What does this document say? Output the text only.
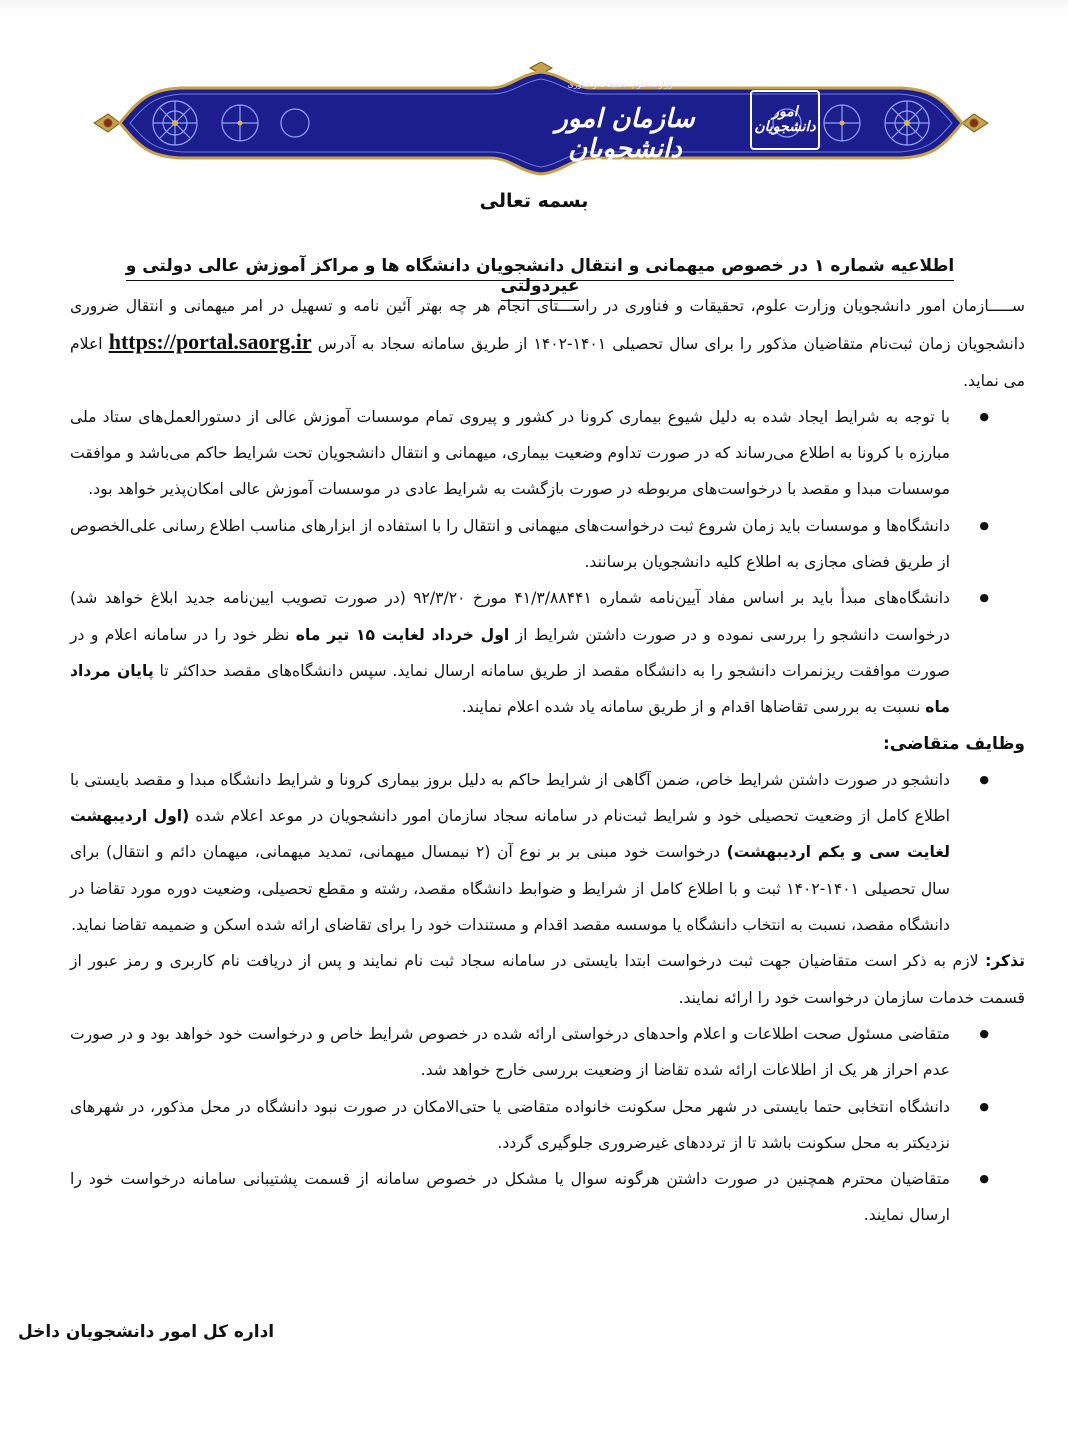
وزارت علوم، تحقیقات و فناوری
سازمان امور دانشجویان
امور دانشجویان
بسمه تعالی
اطلاعیه شماره ۱ در خصوص میهمانی و انتقال دانشجویان دانشگاه ها و مراکز آموزش عالی دولتی و غیردولتی

ســـــازمان امور دانشجویان وزارت علوم، تحقیقات و فناوری در راســـتای انجام هر چه بهتر آئین نامه و تسهیل در امر میهمانی و انتقال ضروری دانشجویان زمان ثبت‌نام متقاضیان مذکور را برای سال تحصیلی ۱۴۰۱-۱۴۰۲ از طریق سامانه سجاد به آدرس https://portal.saorg.ir اعلام می نماید.

● با توجه به شرایط ایجاد شده به دلیل شیوع بیماری کرونا در کشور و پیروی تمام موسسات آموزش عالی از دستورالعمل‌های ستاد ملی مبارزه با کرونا به اطلاع می‌رساند که در صورت تداوم وضعیت بیماری، میهمانی و انتقال دانشجویان تحت شرایط حاکم می‌باشد و موافقت موسسات مبدا و مقصد با درخواست‌های مربوطه در صورت بازگشت به شرایط عادی در موسسات آموزش عالی امکان‌پذیر خواهد بود.
● دانشگاه‌ها و موسسات باید زمان شروع ثبت درخواست‌های میهمانی و انتقال را با استفاده از ابزارهای مناسب اطلاع رسانی علی‌الخصوص از طریق فضای مجازی به اطلاع کلیه دانشجویان برسانند.
● دانشگاه‌های مبدأ باید بر اساس مفاد آیین‌نامه شماره ۴۱/۳/۸۸۴۴۱ مورخ ۹۲/۳/۲۰ (در صورت تصویب ایین‌نامه جدید ابلاغ خواهد شد) درخواست دانشجو را بررسی نموده و در صورت داشتن شرایط از اول خرداد لغایت ۱۵ تیر ماه نظر خود را در سامانه اعلام و در صورت موافقت ریزنمرات دانشجو را به دانشگاه مقصد از طریق سامانه ارسال نماید. سپس دانشگاه‌های مقصد حداکثر تا پایان مرداد ماه نسبت به بررسی تقاضاها اقدام و از طریق سامانه یاد شده اعلام نمایند.

وظایف متقاضی:

● دانشجو در صورت داشتن شرایط خاص، ضمن آگاهی از شرایط حاکم به دلیل بروز بیماری کرونا و شرایط دانشگاه مبدا و مقصد بایستی با اطلاع کامل از وضعیت تحصیلی خود و شرایط ثبت‌نام در سامانه سجاد سازمان امور دانشجویان در موعد اعلام شده (اول اردیبهشت لغایت سی و یکم اردیبهشت) درخواست خود مبنی بر بر نوع آن (۲ نیمسال میهمانی، تمدید میهمانی، میهمان دائم و انتقال) برای سال تحصیلی ۱۴۰۱-۱۴۰۲ ثبت و با اطلاع کامل از شرایط و ضوابط دانشگاه مقصد، رشته و مقطع تحصیلی، وضعیت دوره مورد تقاضا در دانشگاه مقصد، نسبت به انتخاب دانشگاه یا موسسه مقصد اقدام و مستندات خود را برای تقاضای ارائه شده اسکن و ضمیمه تقاضا نماید.

تذکر: لازم به ذکر است متقاضیان جهت ثبت درخواست ابتدا بایستی در سامانه سجاد ثبت نام نمایند و پس از دریافت نام کاربری و رمز عبور از قسمت خدمات سازمان درخواست خود را ارائه نمایند.

● متقاضی مسئول صحت اطلاعات و اعلام واحدهای درخواستی ارائه شده در خصوص شرایط خاص و درخواست خود خواهد بود و در صورت عدم احراز هر یک از اطلاعات ارائه شده تقاضا از وضعیت بررسی خارج خواهد شد.
● دانشگاه انتخابی حتما بایستی در شهر محل سکونت خانواده متقاضی یا حتی‌الامکان در صورت نبود دانشگاه در محل مذکور، در شهرهای نزدیکتر به محل سکونت باشد تا از ترددهای غیرضروری جلوگیری گردد.
● متقاضیان محترم همچنین در صورت داشتن هرگونه سوال یا مشکل در خصوص سامانه از قسمت پشتیبانی سامانه درخواست خود را ارسال نمایند.
اداره کل امور دانشجویان داخل
